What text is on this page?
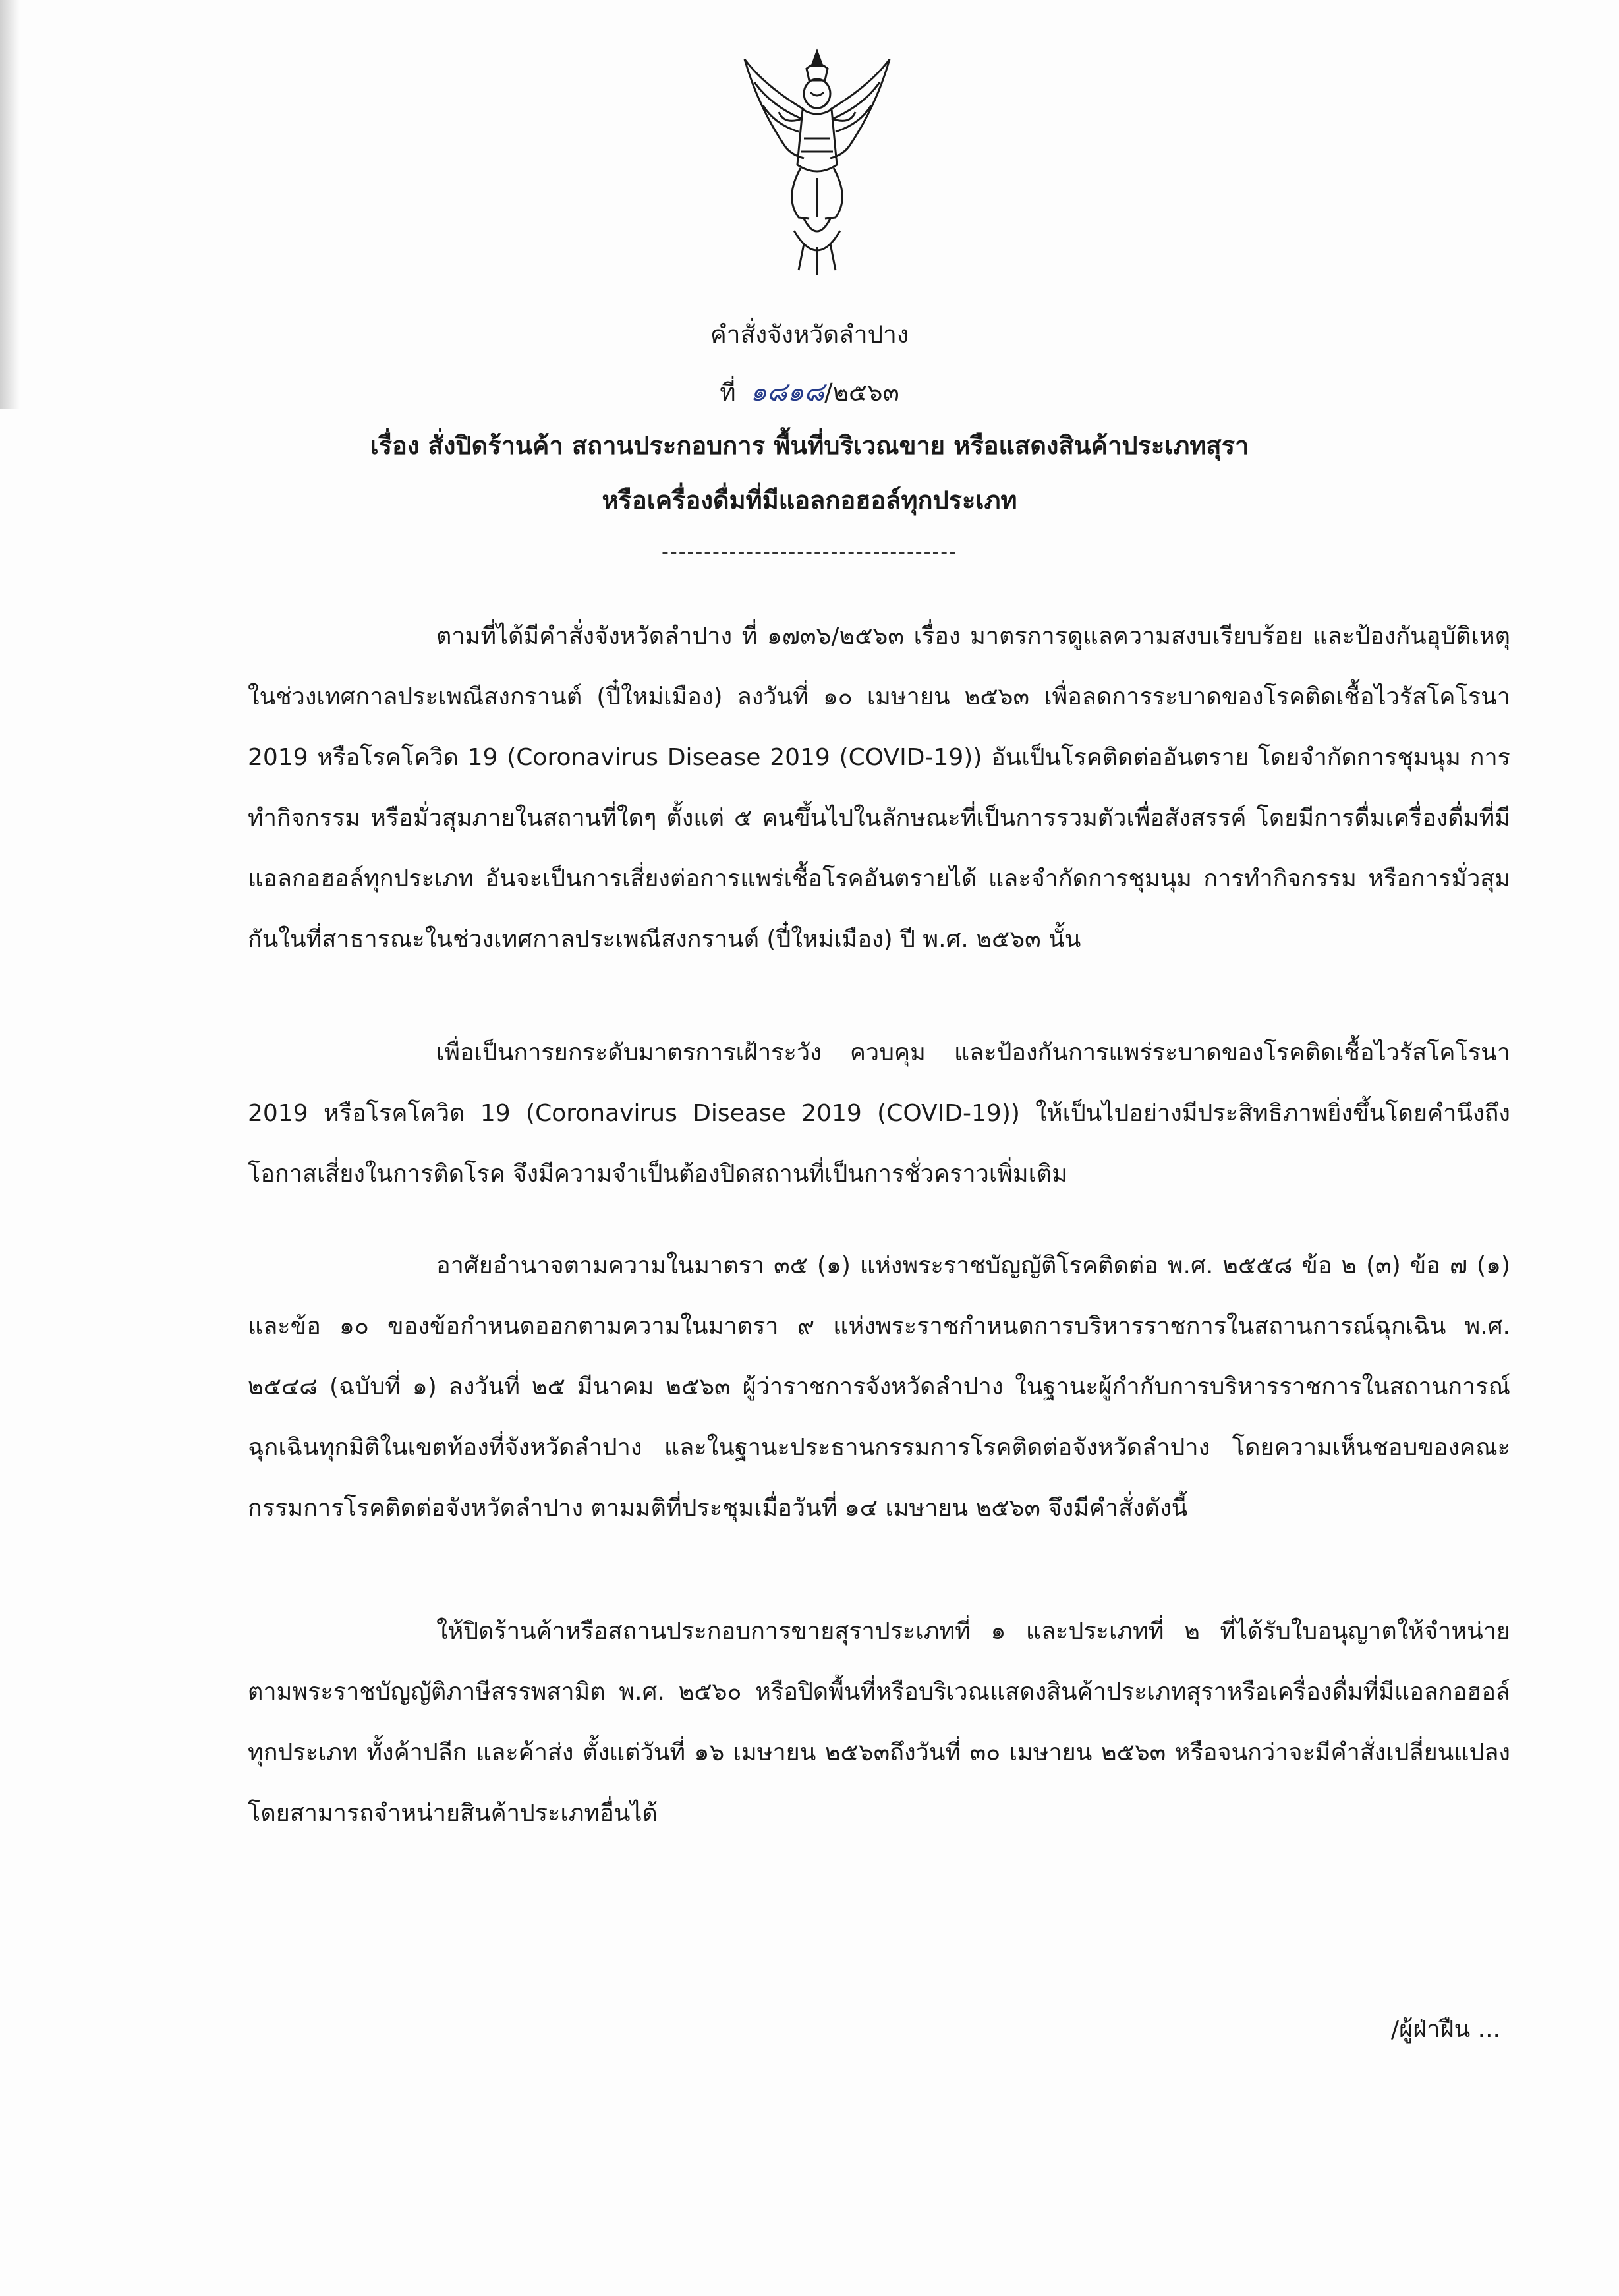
คำสั่งจังหวัดลำปาง
ที่ ๑๘๑๘/๒๕๖๓
เรื่อง สั่งปิดร้านค้า สถานประกอบการ พื้นที่บริเวณขาย หรือแสดงสินค้าประเภทสุรา
หรือเครื่องดื่มที่มีแอลกอฮอล์ทุกประเภท
-----------------------------------

ตามที่ได้มีคำสั่งจังหวัดลำปาง ที่ ๑๗๓๖/๒๕๖๓ เรื่อง มาตรการดูแลความสงบเรียบร้อย และป้องกันอุบัติเหตุในช่วงเทศกาลประเพณีสงกรานต์ (ปี๋ใหม่เมือง) ลงวันที่ ๑๐ เมษายน ๒๕๖๓ เพื่อลดการระบาดของโรคติดเชื้อไวรัสโคโรนา 2019 หรือโรคโควิด 19 (Coronavirus Disease 2019 (COVID-19)) อันเป็นโรคติดต่ออันตราย โดยจำกัดการชุมนุม การทำกิจกรรม หรือมั่วสุมภายในสถานที่ใดๆ ตั้งแต่ ๕ คนขึ้นไปในลักษณะที่เป็นการรวมตัวเพื่อสังสรรค์ โดยมีการดื่มเครื่องดื่มที่มีแอลกอฮอล์ทุกประเภท อันจะเป็นการเสี่ยงต่อการแพร่เชื้อโรคอันตรายได้ และจำกัดการชุมนุม การทำกิจกรรม หรือการมั่วสุมกันในที่สาธารณะในช่วงเทศกาลประเพณีสงกรานต์ (ปี๋ใหม่เมือง) ปี พ.ศ. ๒๕๖๓ นั้น

เพื่อเป็นการยกระดับมาตรการเฝ้าระวัง ควบคุม และป้องกันการแพร่ระบาดของโรคติดเชื้อไวรัสโคโรนา 2019 หรือโรคโควิด 19 (Coronavirus Disease 2019 (COVID-19)) ให้เป็นไปอย่างมีประสิทธิภาพยิ่งขึ้นโดยคำนึงถึงโอกาสเสี่ยงในการติดโรค จึงมีความจำเป็นต้องปิดสถานที่เป็นการชั่วคราวเพิ่มเติม

อาศัยอำนาจตามความในมาตรา ๓๕ (๑) แห่งพระราชบัญญัติโรคติดต่อ พ.ศ. ๒๕๕๘ ข้อ ๒ (๓) ข้อ ๗ (๑) และข้อ ๑๐ ของข้อกำหนดออกตามความในมาตรา ๙ แห่งพระราชกำหนดการบริหารราชการในสถานการณ์ฉุกเฉิน พ.ศ. ๒๕๔๘ (ฉบับที่ ๑) ลงวันที่ ๒๕ มีนาคม ๒๕๖๓ ผู้ว่าราชการจังหวัดลำปาง ในฐานะผู้กำกับการบริหารราชการในสถานการณ์ฉุกเฉินทุกมิติในเขตท้องที่จังหวัดลำปาง และในฐานะประธานกรรมการโรคติดต่อจังหวัดลำปาง โดยความเห็นชอบของคณะกรรมการโรคติดต่อจังหวัดลำปาง ตามมติที่ประชุมเมื่อวันที่ ๑๔ เมษายน ๒๕๖๓ จึงมีคำสั่งดังนี้

ให้ปิดร้านค้าหรือสถานประกอบการขายสุราประเภทที่ ๑ และประเภทที่ ๒ ที่ได้รับใบอนุญาตให้จำหน่ายตามพระราชบัญญัติภาษีสรรพสามิต พ.ศ. ๒๕๖๐ หรือปิดพื้นที่หรือบริเวณแสดงสินค้าประเภทสุราหรือเครื่องดื่มที่มีแอลกอฮอล์ทุกประเภท ทั้งค้าปลีก และค้าส่ง ตั้งแต่วันที่ ๑๖ เมษายน ๒๕๖๓ถึงวันที่ ๓๐ เมษายน ๒๕๖๓ หรือจนกว่าจะมีคำสั่งเปลี่ยนแปลง โดยสามารถจำหน่ายสินค้าประเภทอื่นได้

/ผู้ฝ่าฝืน ...
